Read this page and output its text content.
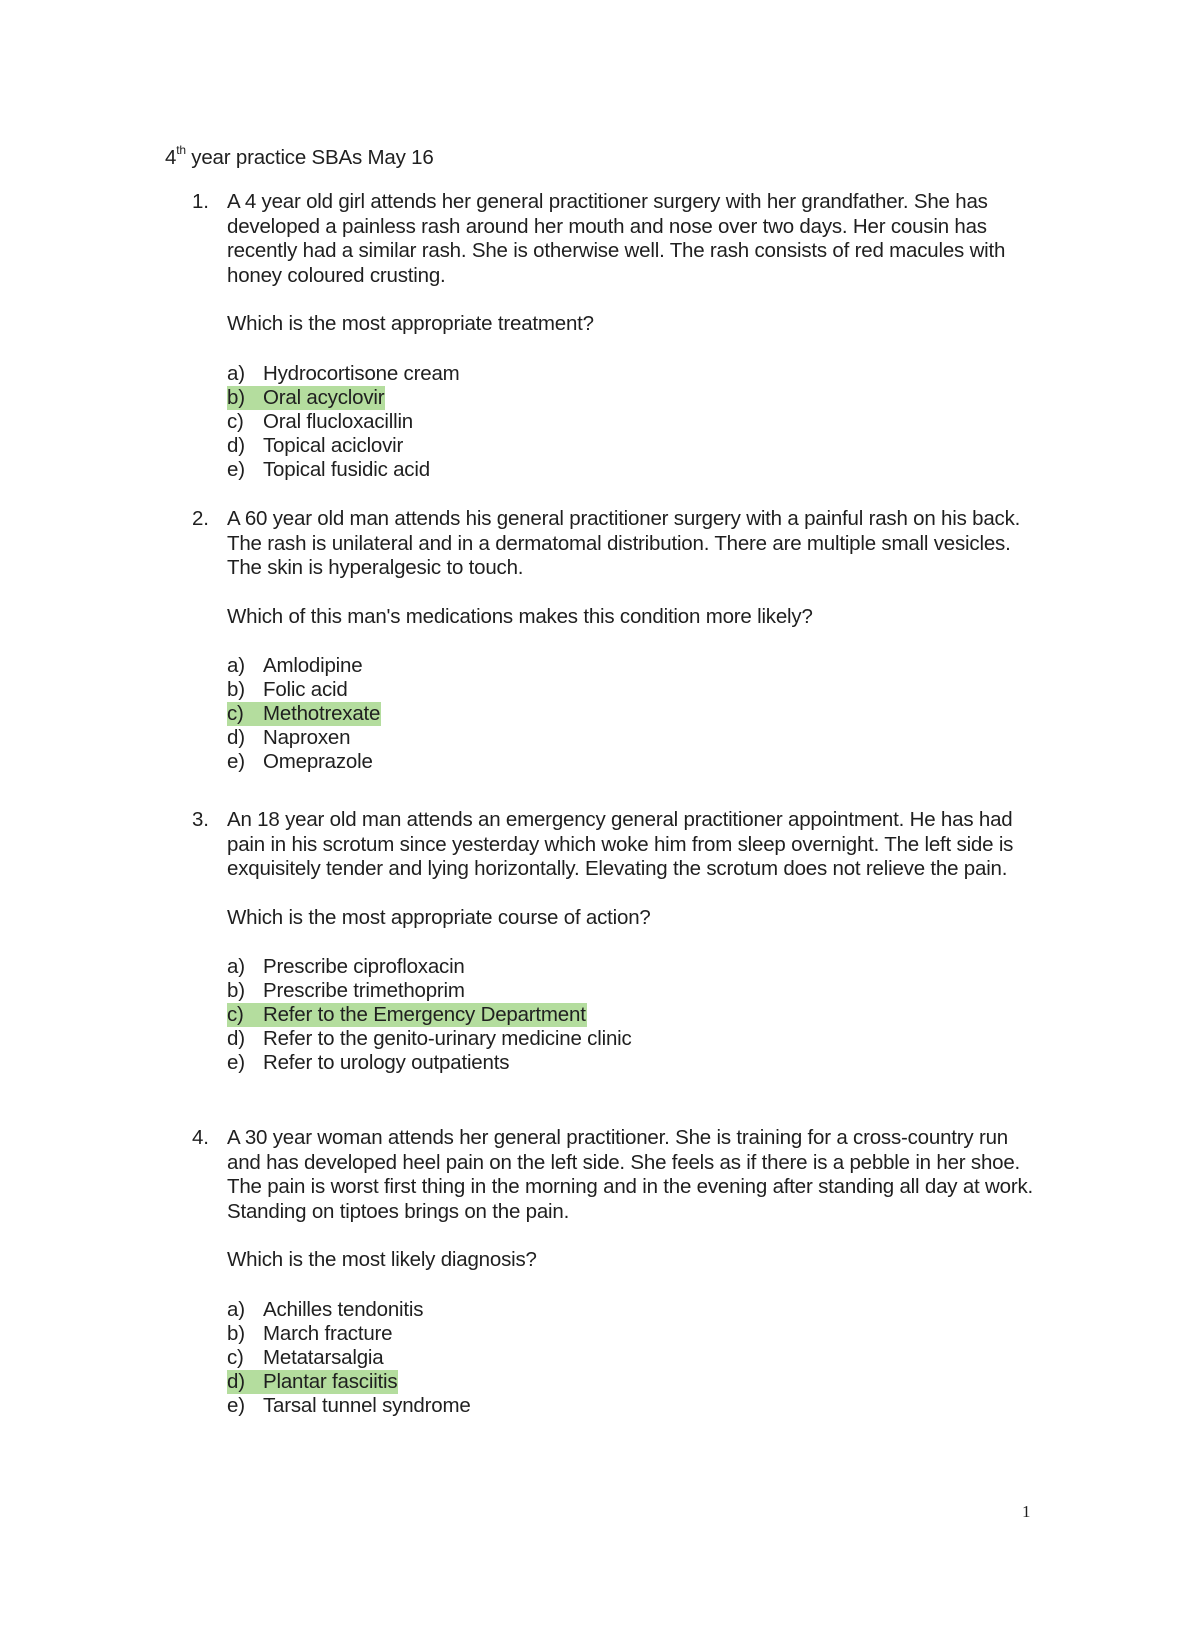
4th year practice SBAs May 16
1. A 4 year old girl attends her general practitioner surgery with her grandfather. She has developed a painless rash around her mouth and nose over two days. Her cousin has recently had a similar rash. She is otherwise well. The rash consists of red macules with honey coloured crusting.

Which is the most appropriate treatment?

a) Hydrocortisone cream
b) Oral acyclovir
c) Oral flucloxacillin
d) Topical aciclovir
e) Topical fusidic acid
2. A 60 year old man attends his general practitioner surgery with a painful rash on his back. The rash is unilateral and in a dermatomal distribution. There are multiple small vesicles. The skin is hyperalgesic to touch.

Which of this man's medications makes this condition more likely?

a) Amlodipine
b) Folic acid
c) Methotrexate
d) Naproxen
e) Omeprazole
3. An 18 year old man attends an emergency general practitioner appointment. He has had pain in his scrotum since yesterday which woke him from sleep overnight. The left side is exquisitely tender and lying horizontally. Elevating the scrotum does not relieve the pain.

Which is the most appropriate course of action?

a) Prescribe ciprofloxacin
b) Prescribe trimethoprim
c) Refer to the Emergency Department
d) Refer to the genito-urinary medicine clinic
e) Refer to urology outpatients
4. A 30 year woman attends her general practitioner. She is training for a cross-country run and has developed heel pain on the left side. She feels as if there is a pebble in her shoe. The pain is worst first thing in the morning and in the evening after standing all day at work. Standing on tiptoes brings on the pain.

Which is the most likely diagnosis?

a) Achilles tendonitis
b) March fracture
c) Metatarsalgia
d) Plantar fasciitis
e) Tarsal tunnel syndrome
1
